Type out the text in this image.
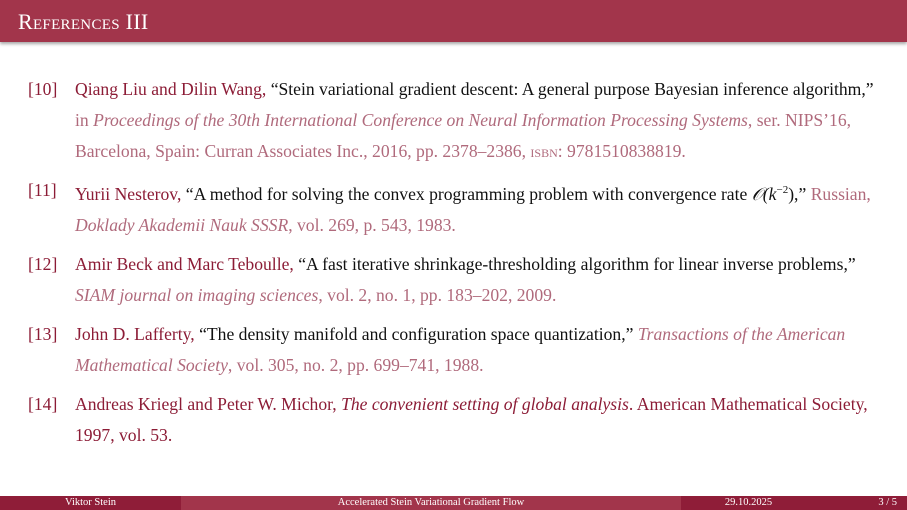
References III
[10] Qiang Liu and Dilin Wang, “Stein variational gradient descent: A general purpose Bayesian inference algorithm,” in Proceedings of the 30th International Conference on Neural Information Processing Systems, ser. NIPS’16, Barcelona, Spain: Curran Associates Inc., 2016, pp. 2378–2386, isbn: 9781510838819.
[11] Yurii Nesterov, “A method for solving the convex programming problem with convergence rate $𝒪(k^{-2})$,” Russian, Doklady Akademii Nauk SSSR, vol. 269, p. 543, 1983.
[12] Amir Beck and Marc Teboulle, “A fast iterative shrinkage-thresholding algorithm for linear inverse problems,” SIAM journal on imaging sciences, vol. 2, no. 1, pp. 183–202, 2009.
[13] John D. Lafferty, “The density manifold and configuration space quantization,” Transactions of the American Mathematical Society, vol. 305, no. 2, pp. 699–741, 1988.
[14] Andreas Kriegl and Peter W. Michor, The convenient setting of global analysis. American Mathematical Society, 1997, vol. 53.
Viktor Stein	Accelerated Stein Variational Gradient Flow	29.10.2025	3 / 5
